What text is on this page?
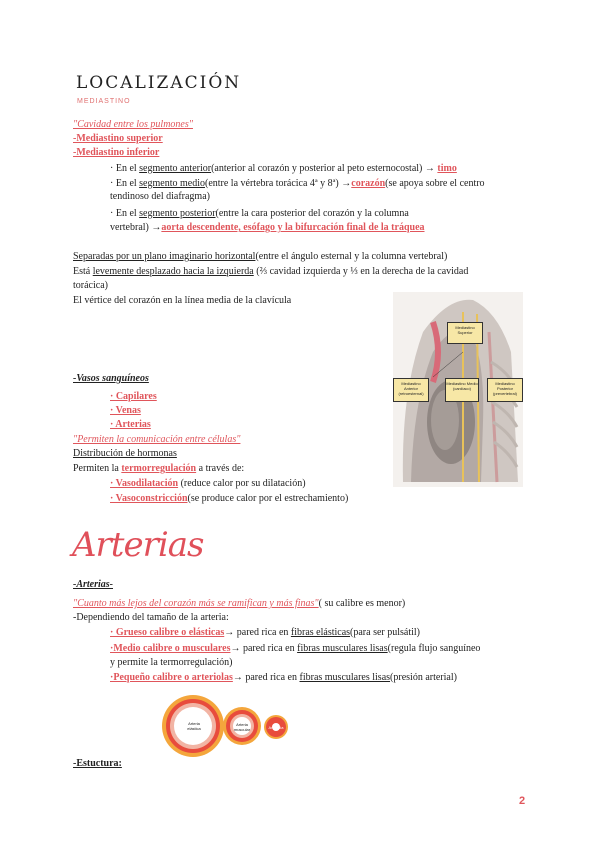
LOCALIZACIÓN
MEDIASTINO
"Cavidad entre los pulmones"
-Mediastino superior
-Mediastino inferior
· En el segmento anterior(anterior al corazón y posterior al peto esternocostal) → timo
· En el segmento medio(entre la vértebra torácica 4ª y 8ª) →corazón(se apoya sobre el centro
tendinoso del diafragma)
· En el segmento posterior(entre la cara posterior del corazón y la columna
vertebral) →aorta descendente, esófago y la bifurcación final de la tráquea
Separadas por un plano imaginario horizontal(entre el ángulo esternal y la columna vertebral)
Está levemente desplazado hacia la izquierda (⅔ cavidad izquierda y ⅓ en la derecha de la cavidad
torácica)
El vértice del corazón en la línea media de la clavícula
Mediastino Superior
Mediastino Anterior (retroesternal)
Mediastino Medio (cardíaco)
Mediastino Posterior (prevertebral)
-Vasos sanguíneos
· Capilares
· Venas
· Arterias
"Permiten la comunicación entre células"
Distribución de hormonas
Permiten la termorregulación a través de:
· Vasodilatación (reduce calor por su dilatación)
· Vasoconstricción(se produce calor por el estrechamiento)
Arterias
-Arterias-
"Cuanto más lejos del corazón más se ramifican y más finas"( su calibre es menor)
-Dependiendo del tamaño de la arteria:
· Grueso calibre o elásticas→ pared rica en fibras elásticas(para ser pulsátil)
·Medio calibre o musculares→ pared rica en fibras musculares lisas(regula flujo sanguíneo
y permite la termorregulación)
·Pequeño calibre o arteriolas→ pared rica en fibras musculares lisas(presión arterial)
Arteria elástica
Arteria muscular	Arteriola
-Estuctura:
2
